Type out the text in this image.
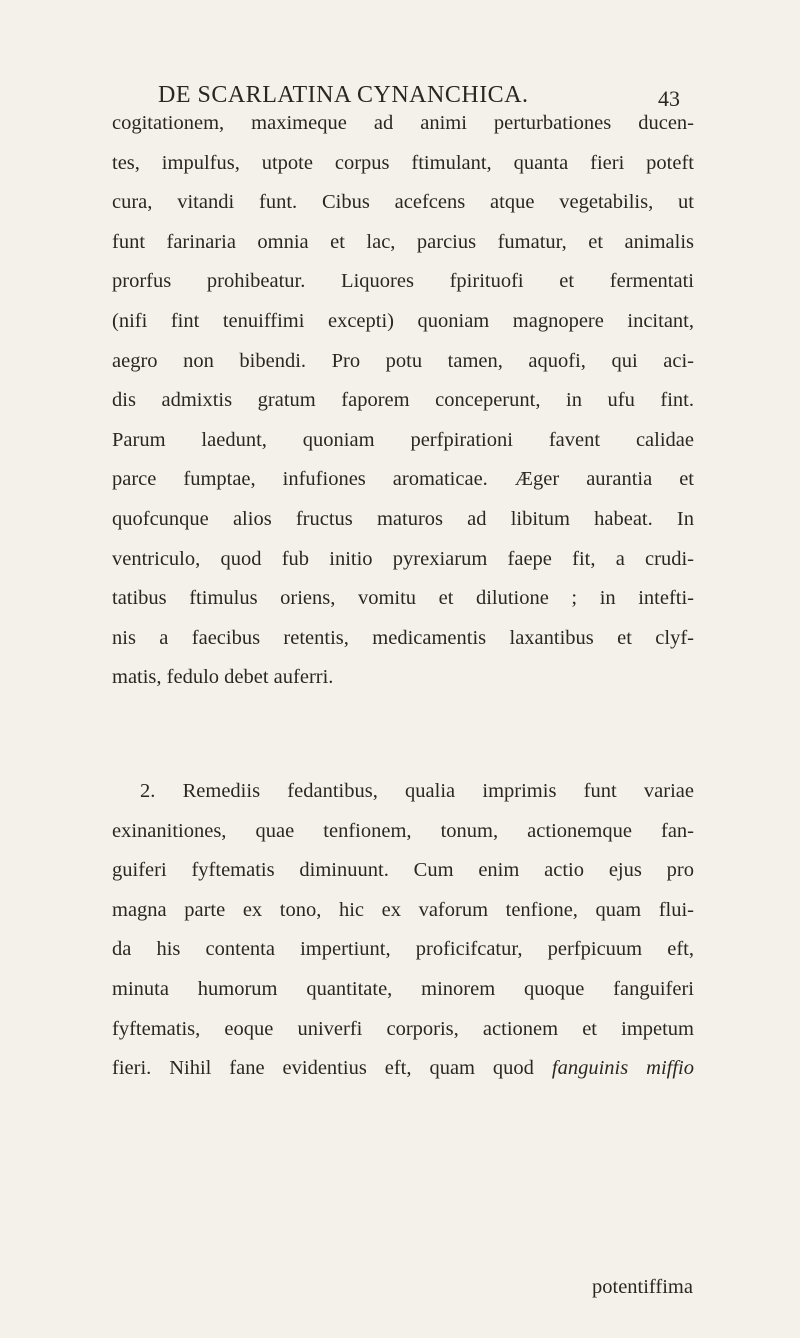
DE SCARLATINA CYNANCHICA.	43
cogitationem, maximeque ad animi perturbationes ducen-
tes, impulfus, utpote corpus ftimulant, quanta fieri poteft
cura, vitandi funt. Cibus acefcens atque vegetabilis, ut
funt farinaria omnia et lac, parcius fumatur, et animalis
prorfus prohibeatur. Liquores fpirituofi et fermentati
(nifi fint tenuiffimi excepti) quoniam magnopere incitant,
aegro non bibendi. Pro potu tamen, aquofi, qui aci-
dis admixtis gratum faporem conceperunt, in ufu fint.
Parum laedunt, quoniam perfpirationi favent calidae
parce fumptae, infufiones aromaticae. Æger aurantia et
quofcunque alios fructus maturos ad libitum habeat. In
ventriculo, quod fub initio pyrexiarum faepe fit, a crudi-
tatibus ftimulus oriens, vomitu et dilutione ; in intefti-
nis a faecibus retentis, medicamentis laxantibus et clyf-
matis, fedulo debet auferri.
2. Remediis fedantibus, qualia imprimis funt variae
exinanitiones, quae tenfionem, tonum, actionemque fan-
guiferi fyftematis diminuunt. Cum enim actio ejus pro
magna parte ex tono, hic ex vaforum tenfione, quam flui-
da his contenta impertiunt, proficifcatur, perfpicuum eft,
minuta humorum quantitate, minorem quoque fanguiferi
fyftematis, eoque univerfi corporis, actionem et impetum
fieri. Nihil fane evidentius eft, quam quod fanguinis miffio
potentiffima
